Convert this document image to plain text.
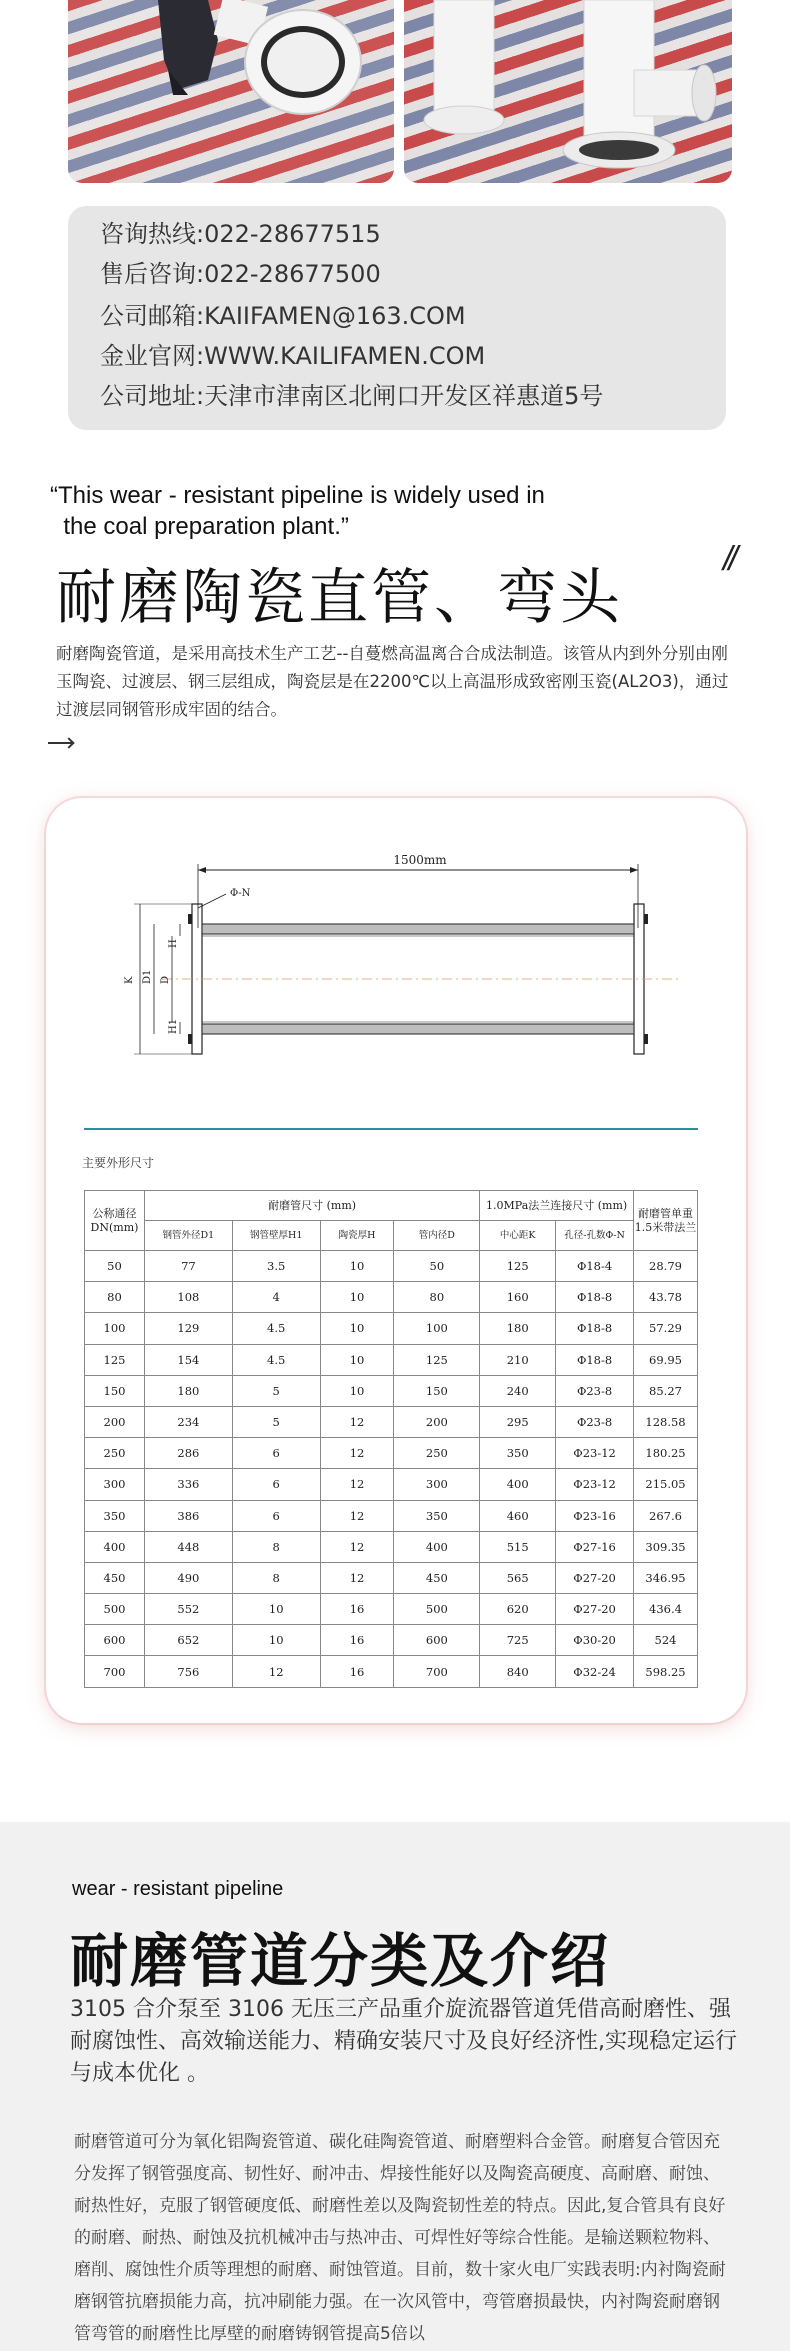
咨询热线:022-28677515
售后咨询:022-28677500
公司邮箱:KAIIFAMEN@163.COM
金业官网:WWW.KAILIFAMEN.COM
公司地址:天津市津南区北闸口开发区祥惠道5号
“This wear - resistant pipeline is widely used in
the coal preparation plant.”
//
耐磨陶瓷直管、弯头

耐磨陶瓷管道，是采用高技术生产工艺--自蔓燃高温离合合成法制造。该管从内到外分别由刚玉陶瓷、过渡层、钢三层组成，陶瓷层是在2200℃以上高温形成致密刚玉瓷(AL2O3)，通过过渡层同钢管形成牢固的结合。

1500mm
Φ-N
K D1 D
H
H1
主要外形尺寸
公称通径DN(mm)	耐磨管尺寸 (mm)				1.0MPa法兰连接尺寸 (mm)		耐磨管单重1.5米带法兰
	钢管外径D1	钢管壁厚H1	陶瓷厚H	管内径D	中心距K	孔径-孔数Φ-N	
50	77	3.5	10	50	125	Φ18-4	28.79
80	108	4	10	80	160	Φ18-8	43.78
100	129	4.5	10	100	180	Φ18-8	57.29
125	154	4.5	10	125	210	Φ18-8	69.95
150	180	5	10	150	240	Φ23-8	85.27
200	234	5	12	200	295	Φ23-8	128.58
250	286	6	12	250	350	Φ23-12	180.25
300	336	6	12	300	400	Φ23-12	215.05
350	386	6	12	350	460	Φ23-16	267.6
400	448	8	12	400	515	Φ27-16	309.35
450	490	8	12	450	565	Φ27-20	346.95
500	552	10	16	500	620	Φ27-20	436.4
600	652	10	16	600	725	Φ30-20	524
700	756	12	16	700	840	Φ32-24	598.25
wear - resistant pipeline
耐磨管道分类及介绍

3105 合介泵至 3106 无压三产品重介旋流器管道凭借高耐磨性、强耐腐蚀性、高效输送能力、精确安装尺寸及良好经济性,实现稳定运行与成本优化 。

耐磨管道可分为氧化铝陶瓷管道、碳化硅陶瓷管道、耐磨塑料合金管。耐磨复合管因充分发挥了钢管强度高、韧性好、耐冲击、焊接性能好以及陶瓷高硬度、高耐磨、耐蚀、耐热性好，克服了钢管硬度低、耐磨性差以及陶瓷韧性差的特点。因此,复合管具有良好的耐磨、耐热、耐蚀及抗机械冲击与热冲击、可焊性好等综合性能。是输送颗粒物料、磨削、腐蚀性介质等理想的耐磨、耐蚀管道。目前，数十家火电厂实践表明:内衬陶瓷耐磨钢管抗磨损能力高，抗冲刷能力强。在一次风管中，弯管磨损最快，内衬陶瓷耐磨钢管弯管的耐磨性比厚壁的耐磨铸钢管提高5倍以
